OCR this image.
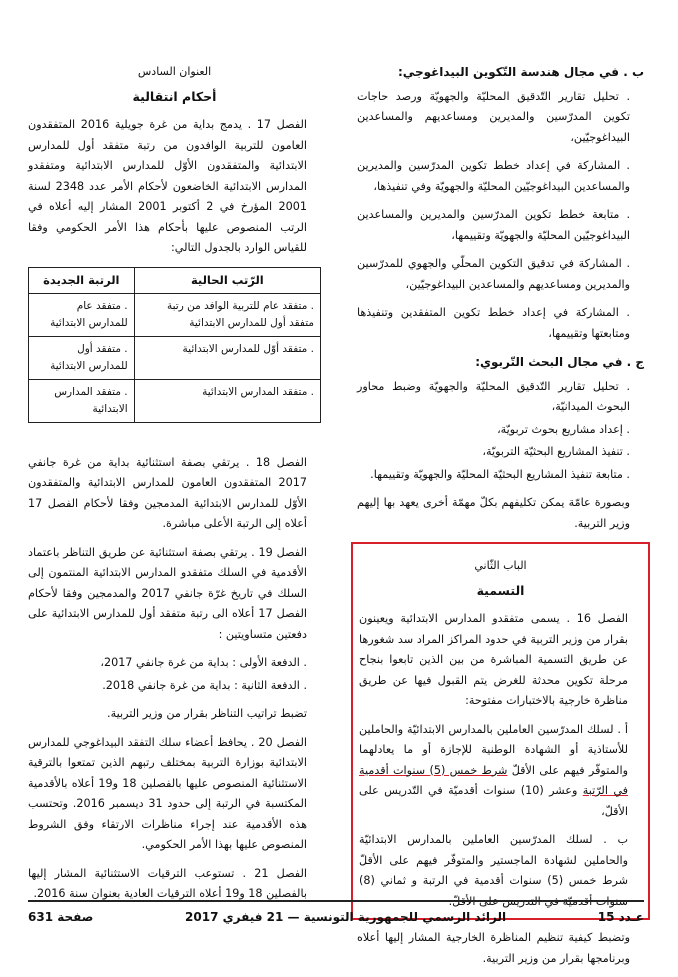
ب . في مجال هندسة التّكوين البيداغوجي:

. تحليل تقارير التّدقيق المحليّة والجهويّة ورصد حاجات تكوين المدرّسين والمديرين ومساعديهم والمساعدين البيداغوجيّين،

. المشاركة في إعداد خطط تكوين المدرّسين والمديرين والمساعدين البيداغوجيّين المحليّة والجهويّة وفي تنفيذها،

. متابعة خطط تكوين المدرّسين والمديرين والمساعدين البيداغوجيّين المحليّة والجهويّة وتقييمها،

. المشاركة في تدقيق التكوين المحلّي والجهوي للمدرّسين والمديرين ومساعديهم والمساعدين البيداغوجيّين،

. المشاركة في إعداد خطط تكوين المتفقدين وتنفيذها ومتابعتها وتقييمها،

ج . في مجال البحث التّربوي:

. تحليل تقارير التّدقيق المحليّة والجهويّة وضبط محاور البحوث الميدانيّة،

. إعداد مشاريع بحوث تربويّة،

. تنفيذ المشاريع البحثيّة التربويّة،

. متابعة تنفيذ المشاريع البحثيّة المحليّة والجهويّة وتقييمها.

وبصورة عامّة يمكن تكليفهم بكلّ مهمّة أخرى يعهد بها إليهم وزير التربية.

الباب الثّاني
التسمية

الفصل 16 . يسمى متفقدو المدارس الابتدائية ويعينون بقرار من وزير التربية في حدود المراكز المراد سد شغورها عن طريق التسمية المباشرة من بين الذين تابعوا بنجاح مرحلة تكوين محدثة للغرض يتم القبول فيها عن طريق مناظرة خارجية بالاختبارات مفتوحة:

أ . لسلك المدرّسين العاملين بالمدارس الابتدائيّة والحاملين للأستاذية أو الشهادة الوطنية للإجازة أو ما يعادلهما والمتوفّر فيهم على الأقلّ شرط خمس (5) سنوات أقدمية في الرّتبة وعشر (10) سنوات أقدميّة في التّدريس على الأقلّ،

ب . لسلك المدرّسين العاملين بالمدارس الابتدائيّة والحاملين لشهادة الماجستير والمتوفّر فيهم على الأقلّ شرط خمس (5) سنوات أقدمية في الرتبة و ثماني (8) سنوات أقدميّة في التدريس على الأقلّ.

وتضبط كيفية تنظيم المناظرة الخارجية المشار إليها أعلاه وبرنامجها بقرار من وزير التربية.

العنوان السادس
أحكام انتقالية

الفصل 17 . يدمج بداية من غرة جويلية 2016 المتفقدون العامون للتربية الوافدون من رتبة متفقد أول للمدارس الابتدائية والمتفقدون الأوّل للمدارس الابتدائية ومتفقدو المدارس الابتدائية الخاضعون لأحكام الأمر عدد 2348 لسنة 2001 المؤرخ في 2 أكتوبر 2001 المشار إليه أعلاه في الرتب المنصوص عليها بأحكام هذا الأمر الحكومي وفقا للقياس الوارد بالجدول التالي:

الرّتب الحالية	الرتبة الجديدة
. متفقد عام للتربية الوافد من رتبة متفقد أول للمدارس الابتدائية	. متفقد عام للمدارس الابتدائية
. متفقد أوّل للمدارس الابتدائية	. متفقد أول للمدارس الابتدائية
. متفقد المدارس الابتدائية	. متفقد المدارس الابتدائية

الفصل 18 . يرتقي بصفة استثنائية بداية من غرة جانفي 2017 المتفقدون العامون للمدارس الابتدائية والمتفقدون الأوّل للمدارس الابتدائية المدمجين وفقا لأحكام الفصل 17 أعلاه إلى الرتبة الأعلى مباشرة.

الفصل 19 . يرتقي بصفة استثنائية عن طريق التناظر باعتماد الأقدمية في السلك متفقدو المدارس الابتدائية المنتمون إلى السلك في تاريخ غرّة جانفي 2017 والمدمجين وفقا لأحكام الفصل 17 أعلاه الى رتبة متفقد أول للمدارس الابتدائية على دفعتين متساويتين :

. الدفعة الأولى : بداية من غرة جانفي 2017،

. الدفعة الثانية : بداية من غرة جانفي 2018.

تضبط تراتيب التناظر بقرار من وزير التربية.

الفصل 20 . يحافظ أعضاء سلك التفقد البيداغوجي للمدارس الابتدائية بوزارة التربية بمختلف رتبهم الذين تمتعوا بالترقية الاستثنائية المنصوص عليها بالفصلين 18 و19 أعلاه بالأقدمية المكتسبة في الرتبة إلى حدود 31 ديسمبر 2016. وتحتسب هذه الأقدمية عند إجراء مناظرات الارتقاء وفق الشروط المنصوص عليها بهذا الأمر الحكومي.

الفصل 21 . تستوعب الترقيات الاستثنائية المشار إليها بالفصلين 18 و19 أعلاه الترقيات العادية بعنوان سنة 2016.

عـدد 15
الرائد الرسمي للجمهورية التونسية — 21 فيفري 2017
صفحة 631
